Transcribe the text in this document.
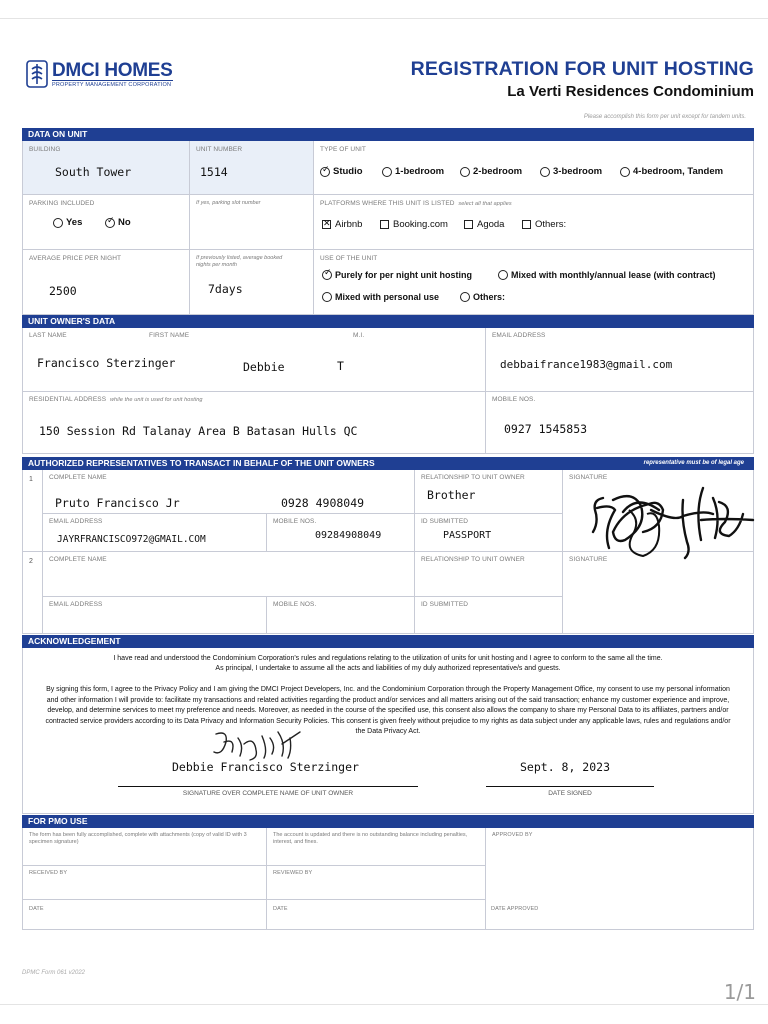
DMCI HOMES
PROPERTY MANAGEMENT CORPORATION
REGISTRATION FOR UNIT HOSTING
La Verti Residences Condominium
Please accomplish this form per unit except for tandem units.
DATA ON UNIT
BUILDING
South Tower
UNIT NUMBER
1514
TYPE OF UNIT
✓ Studio	1-bedroom	2-bedroom	3-bedroom	4-bedroom, Tandem
PARKING INCLUDED
Yes	✓ No
If yes, parking slot number	PLATFORMS WHERE THIS UNIT IS LISTED select all that applies
✕ Airbnb	Booking.com	Agoda	Others:
AVERAGE PRICE PER NIGHT
2500
If previously listed, average booked nights per month
7days
USE OF THE UNIT
✓ Purely for per night unit hosting	Mixed with monthly/annual lease (with contract)
Mixed with personal use	Others:
UNIT OWNER'S DATA
LAST NAME	FIRST NAME	M.I.
Francisco Sterzinger	Debbie	T
EMAIL ADDRESS
debbaifrance1983@gmail.com
RESIDENTIAL ADDRESS while the unit is used for unit hosting
150 Session Rd Talanay Area B Batasan Hulls QC
MOBILE NOS.
0927 1545853
AUTHORIZED REPRESENTATIVES TO TRANSACT IN BEHALF OF THE UNIT OWNERS	representative must be of legal age
1 COMPLETE NAME
Pruto Francisco Jr	0928 4908049
RELATIONSHIP TO UNIT OWNER
Brother
SIGNATURE
EMAIL ADDRESS
JAYRFRANCISCO972@GMAIL.COM
MOBILE NOS.
09284908049
ID SUBMITTED
PASSPORT
2 COMPLETE NAME	RELATIONSHIP TO UNIT OWNER	SIGNATURE
EMAIL ADDRESS	MOBILE NOS.	ID SUBMITTED
ACKNOWLEDGEMENT
I have read and understood the Condominium Corporation's rules and regulations relating to the utilization of units for unit hosting and I agree to conform to the same all the time.
As principal, I undertake to assume all the acts and liabilities of my duly authorized representative/s and guests.
By signing this form, I agree to the Privacy Policy and I am giving the DMCI Project Developers, Inc. and the Condominium Corporation through the Property Management Office, my consent to use my personal information and other information I will provide to: facilitate my transactions and related activities regarding the product and/or services and all matters arising out of the said transaction; enhance my customer experience and improve, develop, and determine services to meet my preference and needs. Moreover, as needed in the course of the specified use, this consent also allows the company to share my Personal Data to its affiliates, partners and/or contracted service providers according to its Data Privacy and Information Security Policies. This consent is given freely without prejudice to my rights as data subject under any applicable laws, rules and regulations and/or the Data Privacy Act.
Debbie Francisco Sterzinger	Sept. 8, 2023
SIGNATURE OVER COMPLETE NAME OF UNIT OWNER	DATE SIGNED
FOR PMO USE
The form has been fully accomplished, complete with attachments (copy of valid ID with 3 specimen signature)
The account is updated and there is no outstanding balance including penalties, interest, and fines.
APPROVED BY
RECEIVED BY	REVIEWED BY
DATE	DATE	DATE APPROVED
DPMC Form 061 v2022
1/1
